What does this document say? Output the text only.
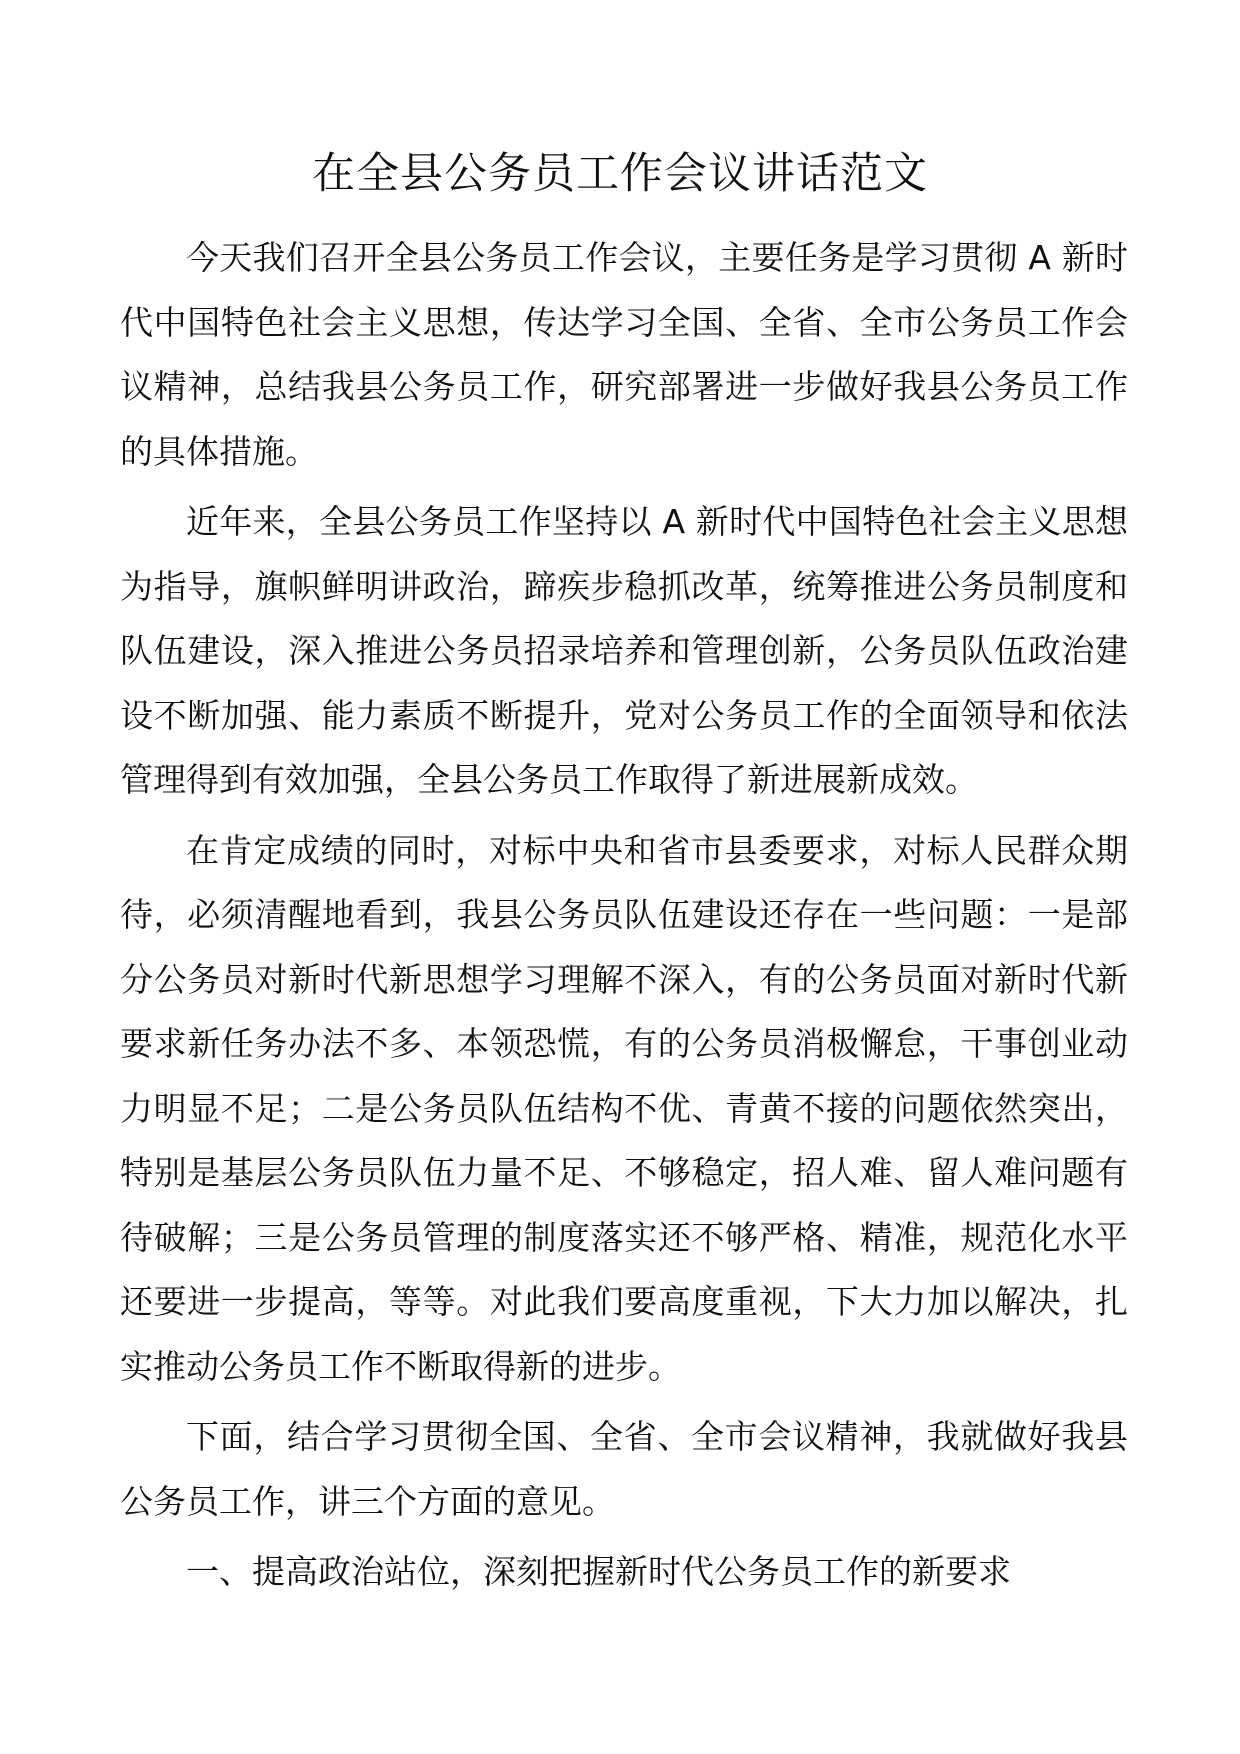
在全县公务员工作会议讲话范文

今天我们召开全县公务员工作会议，主要任务是学习贯彻 A 新时代中国特色社会主义思想，传达学习全国、全省、全市公务员工作会议精神，总结我县公务员工作，研究部署进一步做好我县公务员工作的具体措施。

近年来，全县公务员工作坚持以 A 新时代中国特色社会主义思想为指导，旗帜鲜明讲政治，蹄疾步稳抓改革，统筹推进公务员制度和队伍建设，深入推进公务员招录培养和管理创新，公务员队伍政治建设不断加强、能力素质不断提升，党对公务员工作的全面领导和依法管理得到有效加强，全县公务员工作取得了新进展新成效。

在肯定成绩的同时，对标中央和省市县委要求，对标人民群众期待，必须清醒地看到，我县公务员队伍建设还存在一些问题：一是部分公务员对新时代新思想学习理解不深入，有的公务员面对新时代新要求新任务办法不多、本领恐慌，有的公务员消极懈怠，干事创业动力明显不足；二是公务员队伍结构不优、青黄不接的问题依然突出，特别是基层公务员队伍力量不足、不够稳定，招人难、留人难问题有待破解；三是公务员管理的制度落实还不够严格、精准，规范化水平还要进一步提高，等等。对此我们要高度重视，下大力加以解决，扎实推动公务员工作不断取得新的进步。

下面，结合学习贯彻全国、全省、全市会议精神，我就做好我县公务员工作，讲三个方面的意见。

一、提高政治站位，深刻把握新时代公务员工作的新要求
